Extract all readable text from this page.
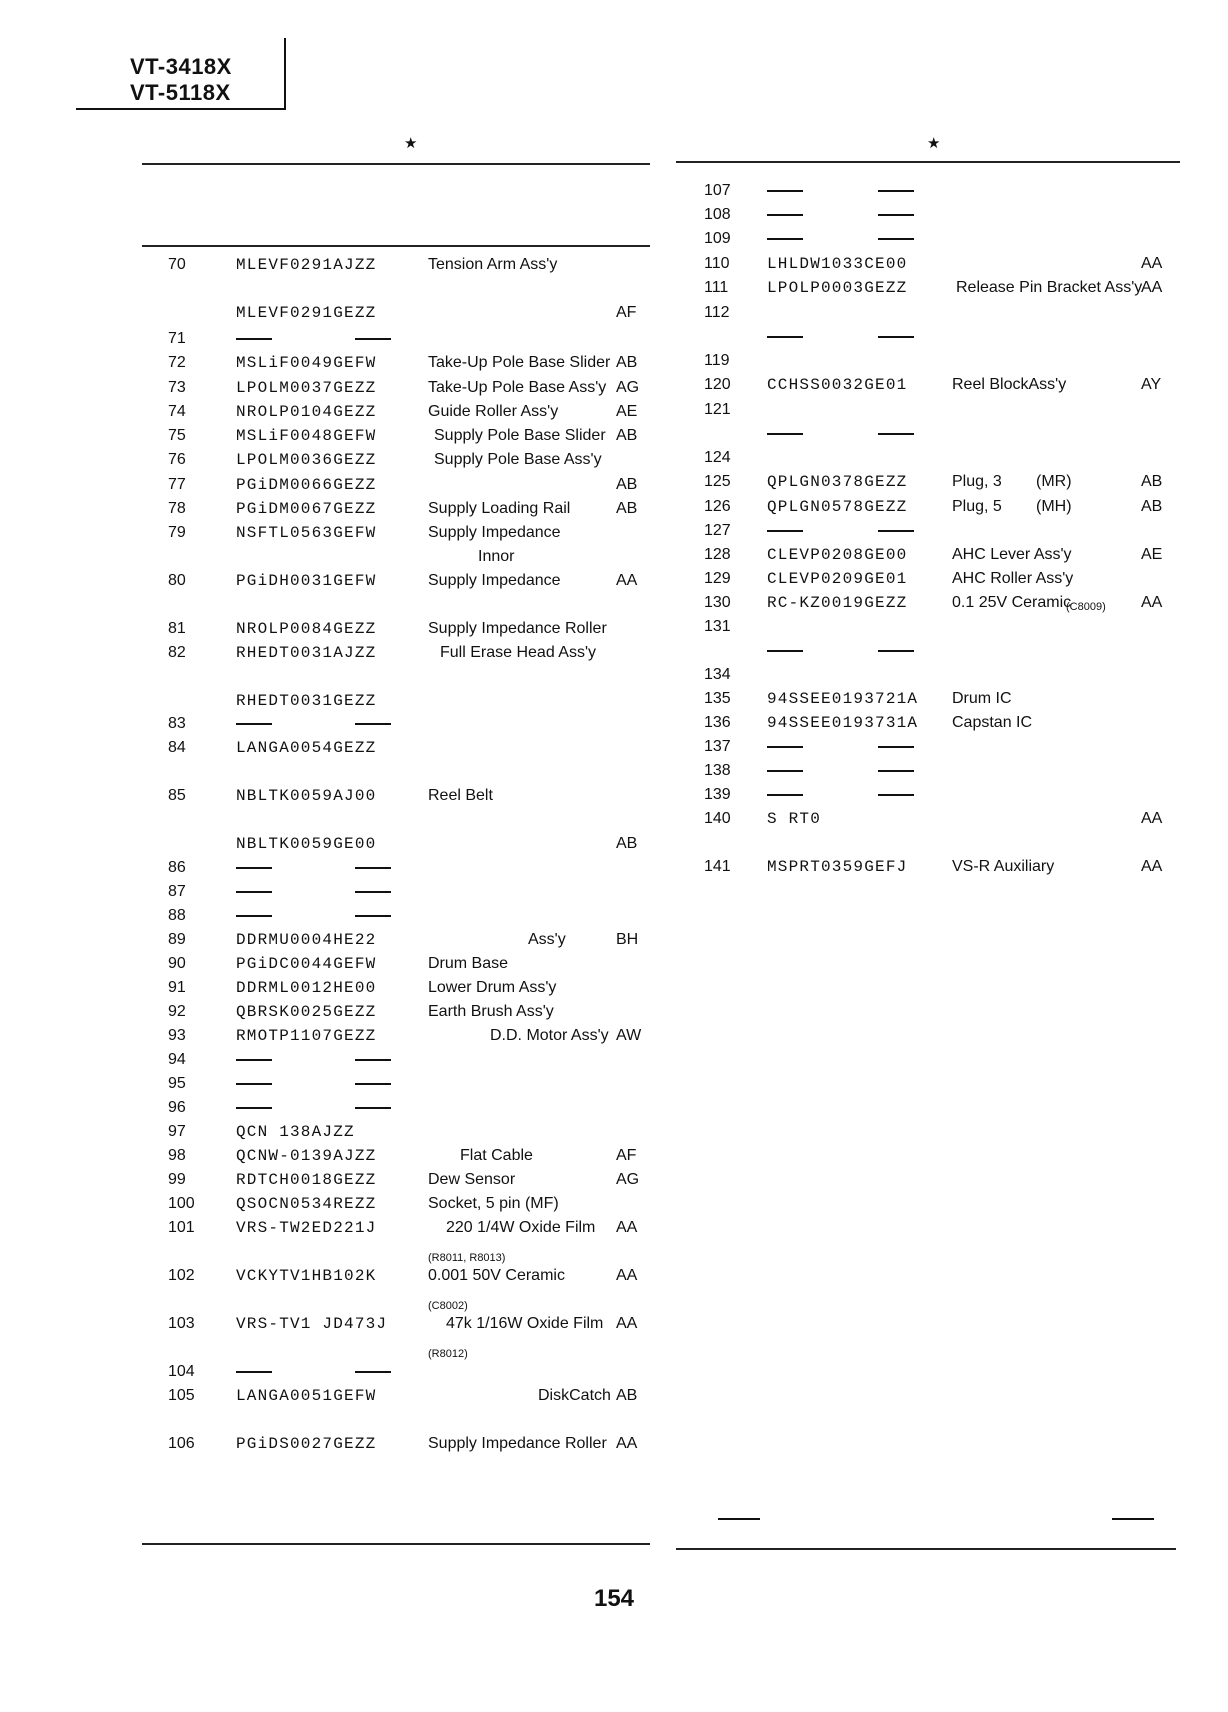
VT-3418X
VT-5118X
★	★
70	MLEVF0291AJZZ	Tension Arm Ass'y
MLEVF0291GEZZ	AF
71
72	MSLiF0049GEFW	Take-Up Pole Base Slider AB
73	LPOLM0037GEZZ	Take-Up Pole Base Ass'y AG
74	NROLP0104GEZZ	Guide Roller Ass'y	AE
75	MSLiF0048GEFW	Supply Pole Base Slider AB
76	LPOLM0036GEZZ	Supply Pole Base Ass'y
77	PGiDM0066GEZZ	AB
78	PGiDM0067GEZZ	Supply Loading Rail	AB
79	NSFTL0563GEFW	Supply Impedance
Innor
80	PGiDH0031GEFW	Supply Impedance	AA
81	NROLP0084GEZZ	Supply Impedance Roller
82	RHEDT0031AJZZ	Full Erase Head Ass'y
RHEDT0031GEZZ
83
84	LANGA0054GEZZ
85	NBLTK0059AJ00	Reel Belt
NBLTK0059GE00	AB
86
87
88
89	DDRMU0004HE22	Ass'y	BH
90	PGiDC0044GEFW	Drum Base
91	DDRML0012HE00	Lower Drum Ass'y
92	QBRSK0025GEZZ	Earth Brush Ass'y
93	RMOTP1107GEZZ	D.D. Motor Ass'y AW
94
95
96
97	QCN 138AJZZ
98	QCNW-0139AJZZ	Flat Cable	AF
99	RDTCH0018GEZZ	Dew Sensor	AG
100	QSOCN0534REZZ	Socket, 5 pin (MF)
101	VRS-TW2ED221J	220 1/4W Oxide Film AA
(R8011, R8013)
102	VCKYTV1HB102K	0.001 50V Ceramic	AA
(C8002)
103	VRS-TV1 JD473J	47k 1/16W Oxide Film AA
(R8012)
104
105	LANGA0051GEFW	DiskCatch AB
106	PGiDS0027GEZZ	Supply Impedance Roller AA
107
108
109
110 LHLDW1033CE00	AA
111 LPOLP0003GEZZ	Release Pin Bracket Ass'y
AA
112
119
120 CCHSS0032GE01	Reel BlockAss'y	AY
121
124
125 QPLGN0378GEZZ	Plug, 3 (MR)	AB
126 QPLGN0578GEZZ	Plug, 5 (MH)	AB
127
128 CLEVP0208GE00	AHC Lever Ass'y	AE
129 CLEVP0209GE01	AHC Roller Ass'y
130 RC-KZ0019GEZZ	0.1 25V Ceramic
(C8009) AA
131
134
135 94SSEE0193721A Drum IC
136 94SSEE0193731A Capstan IC
137
138
139
140 S RT0	AA
141 MSPRT0359GEFJ	VS-R Auxiliary	AA
154
